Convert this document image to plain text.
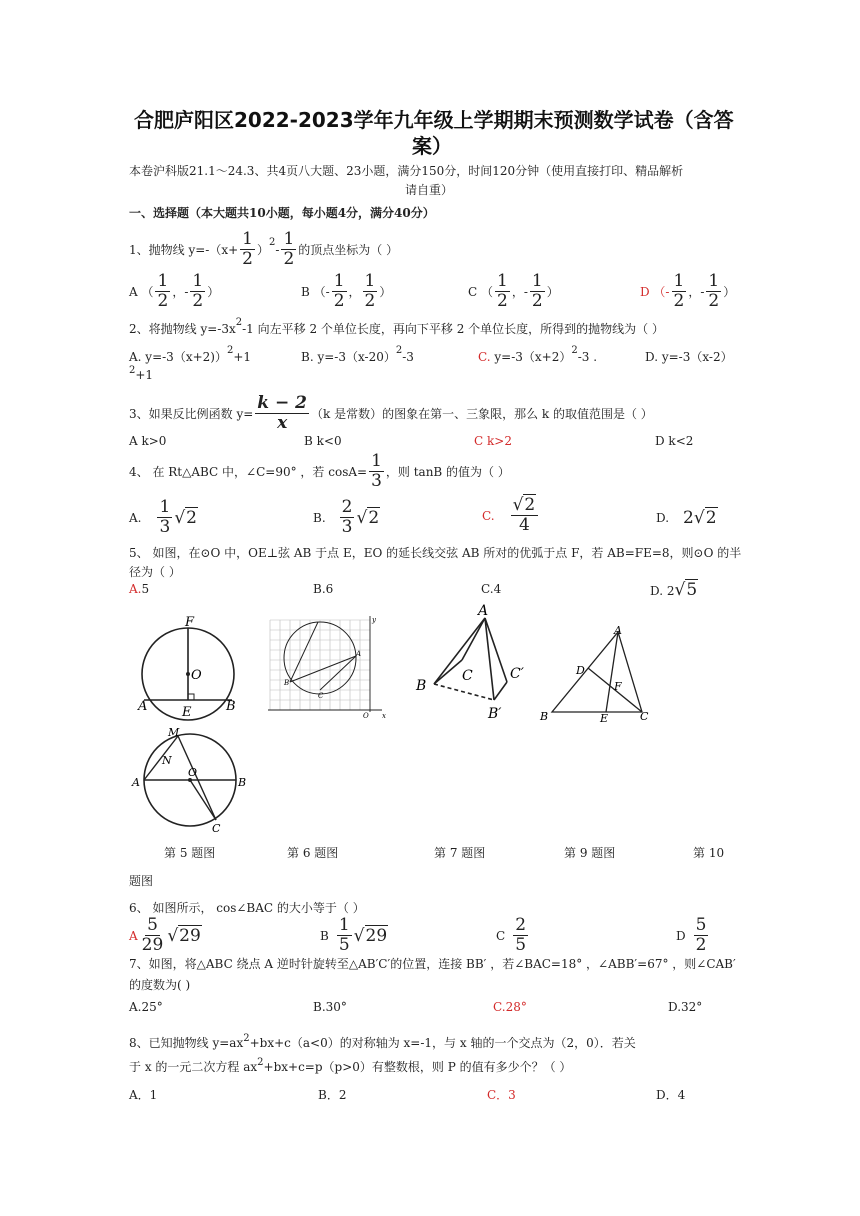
合肥庐阳区2022-2023学年九年级上学期期末预测数学试卷（含答
案）
本卷沪科版21.1～24.3、共4页八大题、23小题，满分150分，时间120分钟（使用直接打印、精品解析
请自重）
一、选择题（本大题共10小题，每小题4分，满分40分）
1、抛物线 $y=-(x+ \frac{1}{2}$ ）
$2 - \frac{1}{2}$ 的顶点坐标为（ ）
A （ $\frac{1}{2}$ ，- $\frac{1}{2}$ ）	B （- $\frac{1}{2}$ ， $\frac{1}{2}$ ）	C （ $\frac{1}{2}$ ，- $\frac{1}{2}$ ）	D （- $\frac{1}{2}$ ，- $\frac{1}{2}$ ）
2、将抛物线 $y=-3x^2-1$ 向左平移 2 个单位长度，再向下平移 2 个单位长度，所得到的抛物线为（ ）
A. $y=-3(x+2))^2+1$	B. $y=-3(x-20)^2-3$	C. $y=-3(x+2)^2-3$ .	D. y=-3（x-2）
$^2$+1
3、如果反比例函数 $y= \frac{k - 2}{x} (k$ 是常数）的图象在第一、三象限，那么 k 的取值范围是（ ）
A k>0	B k<0	C k>2	D k<2
4、 在 Rt△ABC 中，∠C=90° ，若 $\cos A= \frac{1}{3}$ ，则 tanB 的值为（ ）
A. $\frac{1}{3} √2$	B. $\frac{2}{3} √2$	C. $\frac{√2}{4}$	D. 2 √2
5、 如图，在⊙O 中，OE⊥弦 AB 于点 E，EO 的延长线交弦 AB 所对的优弧于点 F，若 AB=FE=8，则⊙O 的半
径为（ ）
A.5	B.6	C.4	D. 2√5
F
O
A	E	B
A
B
C
O x
y
A
B
C	C′
B′
A
D
F
B	E	C
M
N
O
A	B
C
第 5 题图	第 6 题图	第 7 题图	第 9 题图	第 10
题图
6、 如图所示， cos∠BAC 的大小等于（ ）
A $\frac{5}{29} √29$	B $\frac{1}{5} √29$	C $\frac{2}{5}$	D $\frac{5}{2}$
7、如图，将△ABC 绕点 A 逆时针旋转至△AB′C′的位置，连接 BB′ ，若∠BAC=18° ，∠ABB′=67° ，则∠CAB′
的度数为( )
A.25°	B.30°	C.28°	D.32°
8、已知抛物线 $y=ax^2+bx+c(a<0)$的对称轴为 x=-1，与 x 轴的一个交点为（2，0）．若关
于 x 的一元二次方程 $ax^2+bx+c=p(p>0)$有整数根，则 P 的值有多少个？（ ）
A．1	B．2	C．3	D．4
